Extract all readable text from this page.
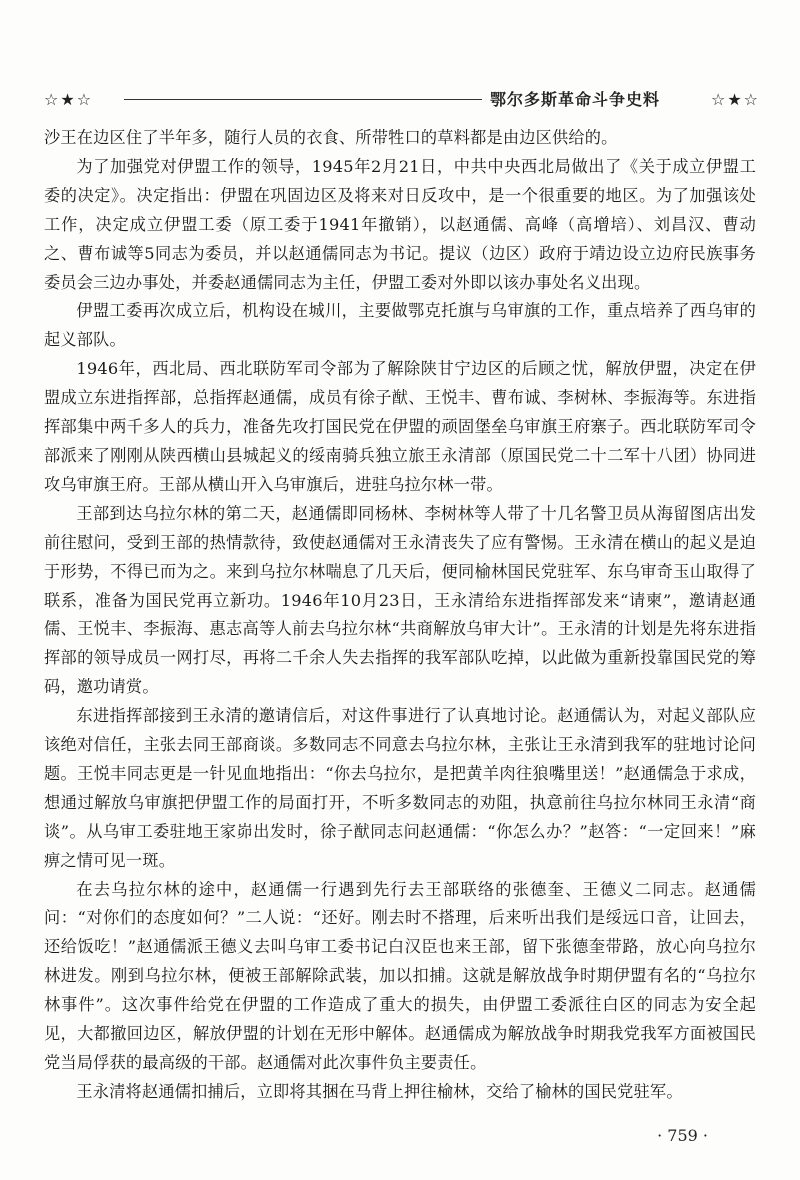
☆★☆	鄂尔多斯革命斗争史料	☆★☆

沙王在边区住了半年多，随行人员的衣食、所带牲口的草料都是由边区供给的。

为了加强党对伊盟工作的领导，1945年2月21日，中共中央西北局做出了《关于成立伊盟工委的决定》。决定指出：伊盟在巩固边区及将来对日反攻中，是一个很重要的地区。为了加强该处工作，决定成立伊盟工委（原工委于1941年撤销），以赵通儒、高峰（高增培）、刘昌汉、曹动之、曹布诚等5同志为委员，并以赵通儒同志为书记。提议（边区）政府于靖边设立边府民族事务委员会三边办事处，并委赵通儒同志为主任，伊盟工委对外即以该办事处名义出现。

伊盟工委再次成立后，机构设在城川，主要做鄂克托旗与乌审旗的工作，重点培养了西乌审的起义部队。

1946年，西北局、西北联防军司令部为了解除陕甘宁边区的后顾之忧，解放伊盟，决定在伊盟成立东进指挥部，总指挥赵通儒，成员有徐子猷、王悦丰、曹布诚、李树林、李振海等。东进指挥部集中两千多人的兵力，准备先攻打国民党在伊盟的顽固堡垒乌审旗王府寨子。西北联防军司令部派来了刚刚从陕西横山县城起义的绥南骑兵独立旅王永清部（原国民党二十二军十八团）协同进攻乌审旗王府。王部从横山开入乌审旗后，进驻乌拉尔林一带。

王部到达乌拉尔林的第二天，赵通儒即同杨林、李树林等人带了十几名警卫员从海留图店出发前往慰问，受到王部的热情款待，致使赵通儒对王永清丧失了应有警惕。王永清在横山的起义是迫于形势，不得已而为之。来到乌拉尔林喘息了几天后，便同榆林国民党驻军、东乌审奇玉山取得了联系，准备为国民党再立新功。1946年10月23日，王永清给东进指挥部发来“请柬”，邀请赵通儒、王悦丰、李振海、惠志高等人前去乌拉尔林“共商解放乌审大计”。王永清的计划是先将东进指挥部的领导成员一网打尽，再将二千余人失去指挥的我军部队吃掉，以此做为重新投靠国民党的筹码，邀功请赏。

东进指挥部接到王永清的邀请信后，对这件事进行了认真地讨论。赵通儒认为，对起义部队应该绝对信任，主张去同王部商谈。多数同志不同意去乌拉尔林，主张让王永清到我军的驻地讨论问题。王悦丰同志更是一针见血地指出：“你去乌拉尔，是把黄羊肉往狼嘴里送！”赵通儒急于求成，想通过解放乌审旗把伊盟工作的局面打开，不听多数同志的劝阻，执意前往乌拉尔林同王永清“商谈”。从乌审工委驻地王家峁出发时，徐子猷同志问赵通儒：“你怎么办？”赵答：“一定回来！”麻痹之情可见一斑。

在去乌拉尔林的途中，赵通儒一行遇到先行去王部联络的张德奎、王德义二同志。赵通儒问：“对你们的态度如何？”二人说：“还好。刚去时不搭理，后来听出我们是绥远口音，让回去，还给饭吃！”赵通儒派王德义去叫乌审工委书记白汉臣也来王部，留下张德奎带路，放心向乌拉尔林进发。刚到乌拉尔林，便被王部解除武装，加以扣捕。这就是解放战争时期伊盟有名的“乌拉尔林事件”。这次事件给党在伊盟的工作造成了重大的损失，由伊盟工委派往白区的同志为安全起见，大都撤回边区，解放伊盟的计划在无形中解体。赵通儒成为解放战争时期我党我军方面被国民党当局俘获的最高级的干部。赵通儒对此次事件负主要责任。

王永清将赵通儒扣捕后，立即将其捆在马背上押往榆林，交给了榆林的国民党驻军。

· 759 ·
